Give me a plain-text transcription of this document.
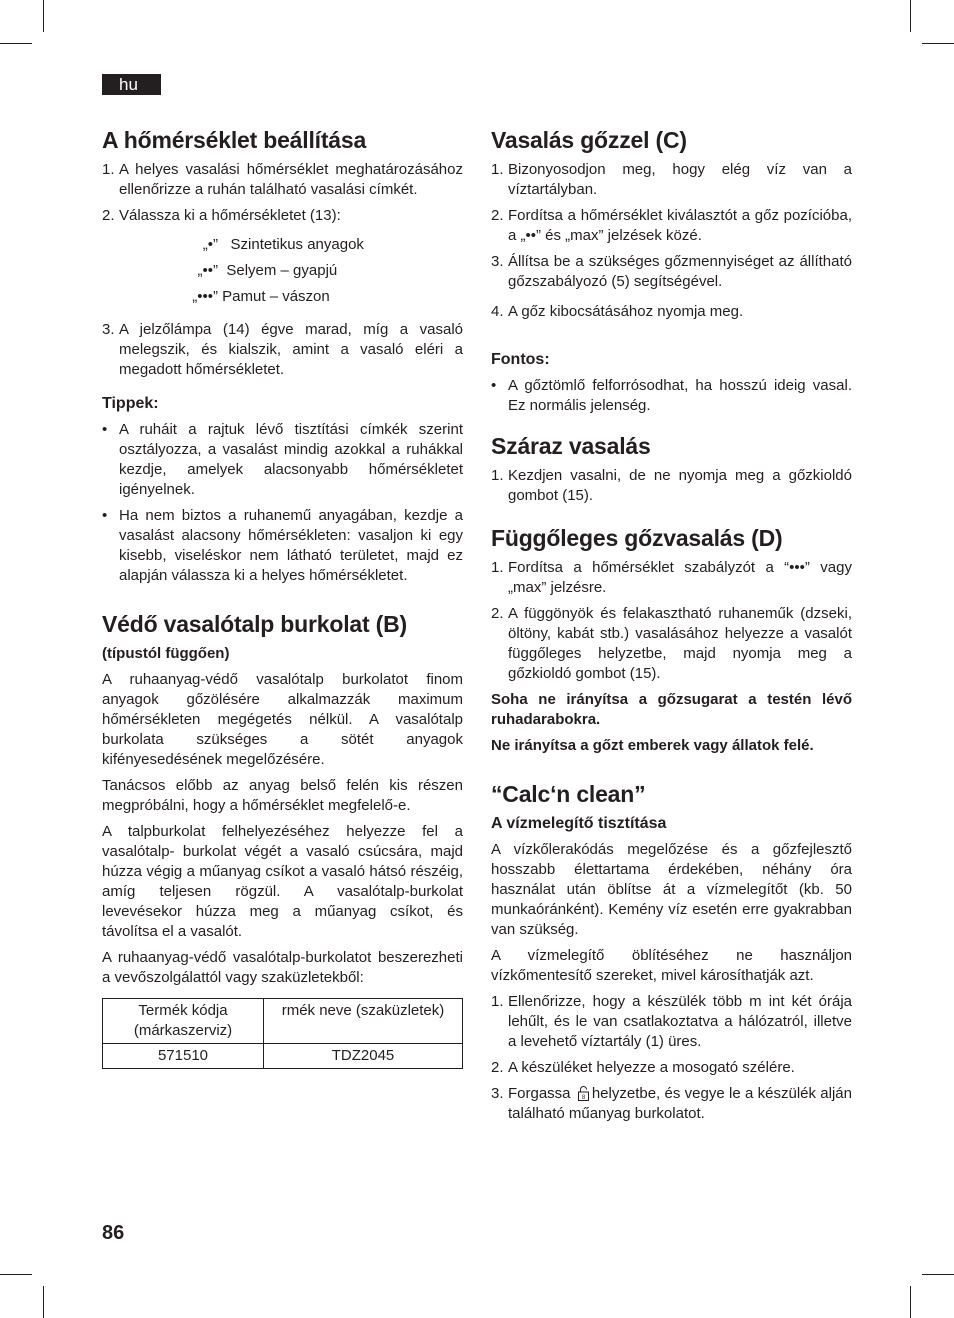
hu
A hőmérséklet beállítása
1. A helyes vasalási hőmérséklet meghatározásához ellenőrizze a ruhán található vasalási címkét.
2. Válassza ki a hőmérsékletet (13):
„•” Szintetikus anyagok
„••” Selyem – gyapjú
„•••” Pamut – vászon
3. A jelzőlámpa (14) égve marad, míg a vasaló melegszik, és kialszik, amint a vasaló eléri a megadott hőmérsékletet.
Tippek:
• A ruháit a rajtuk lévő tisztítási címkék szerint osztályozza, a vasalást mindig azokkal a ruhákkal kezdje, amelyek alacsonyabb hőmérsékletet igényelnek.
• Ha nem biztos a ruhanemű anyagában, kezdje a vasalást alacsony hőmérsékleten: vasaljon ki egy kisebb, viseléskor nem látható területet, majd ez alapján válassza ki a helyes hőmérsékletet.
Védő vasalótalp burkolat (B)
(típustól függően)

A ruhaanyag-védő vasalótalp burkolatot finom anyagok gőzölésére alkalmazzák maximum hőmérsékleten megégetés nélkül. A vasalótalp burkolata szükséges a sötét anyagok kifényesedésének megelőzésére.

Tanácsos előbb az anyag belső felén kis részen megpróbálni, hogy a hőmérséklet megfelelő-e.

A talpburkolat felhelyezéséhez helyezze fel a vasalótalp- burkolat végét a vasaló csúcsára, majd húzza végig a műanyag csíkot a vasaló hátsó részéig, amíg teljesen rögzül. A vasalótalp-burkolat levevésekor húzza meg a műanyag csíkot, és távolítsa el a vasalót.

A ruhaanyag-védő vasalótalp-burkolatot beszerezheti a vevőszolgálattól vagy szaküzletekből:

Termék kódja (márkaszerviz)	rmék neve (szaküzletek)
571510	TDZ2045
Vasalás gőzzel (C)
1. Bizonyosodjon meg, hogy elég víz van a víztartályban.
2. Fordítsa a hőmérséklet kiválasztót a gőz pozícióba, a „••” és „max” jelzések közé.
3. Állítsa be a szükséges gőzmennyiséget az állítható gőzszabályozó (5) segítségével.
4. A gőz kibocsátásához nyomja meg.
Fontos:
• A gőztömlő felforrósodhat, ha hosszú ideig vasal. Ez normális jelenség.
Száraz vasalás
1. Kezdjen vasalni, de ne nyomja meg a gőzkioldó gombot (15).
Függőleges gőzvasalás (D)
1. Fordítsa a hőmérséklet szabályzót a “•••” vagy „max” jelzésre.
2. A függönyök és felakasztható ruhaneműk (dzseki, öltöny, kabát stb.) vasalásához helyezze a vasalót függőleges helyzetbe, majd nyomja meg a gőzkioldó gombot (15).

Soha ne irányítsa a gőzsugarat a testén lévő ruhadarabokra.

Ne irányítsa a gőzt emberek vagy állatok felé.

“Calc‘n clean”
A vízmelegítő tisztítása

A vízkőlerakódás megelőzése és a gőzfejlesztő hosszabb élettartama érdekében, néhány óra használat után öblítse át a vízmelegítőt (kb. 50 munkaóránként). Kemény víz esetén erre gyakrabban van szükség.

A vízmelegítő öblítéséhez ne használjon vízkőmentesítő szereket, mivel károsíthatják azt.

1. Ellenőrizze, hogy a készülék több m int két órája lehűlt, és le van csatlakoztatva a hálózatról, illetve a levehető víztartály (1) üres.
2. A készüléket helyezze a mosogató szélére.
3. Forgassa 8 helyzetbe, és vegye le a készülék alján található műanyag burkolatot.
86
